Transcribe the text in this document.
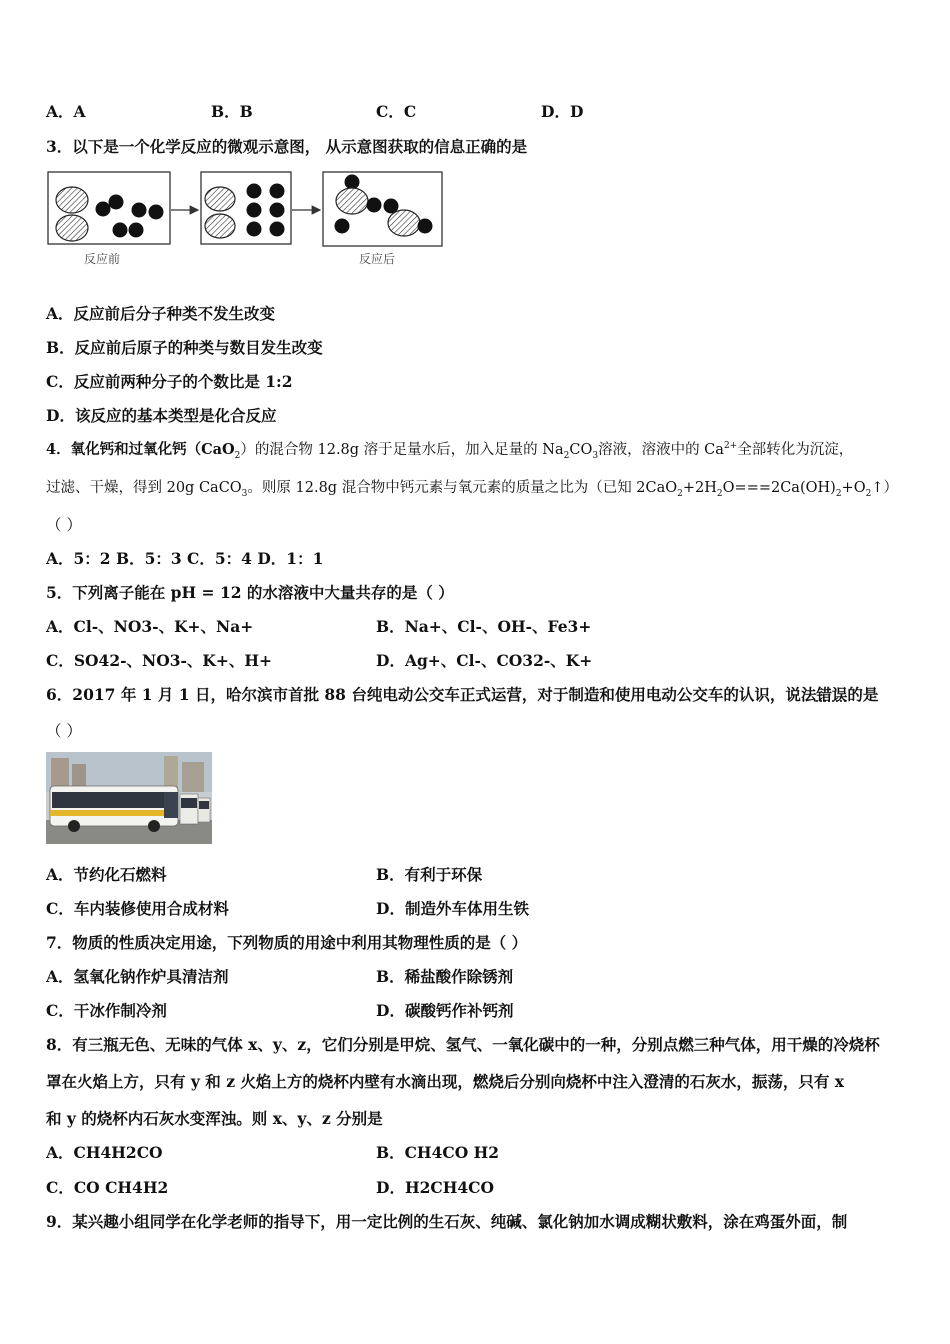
A．A	B．B	C．C	D．D
3．以下是一个化学反应的微观示意图， 从示意图获取的信息正确的是
反应前	反应后
A．反应前后分子种类不发生改变
B．反应前后原子的种类与数目发生改变
C．反应前两种分子的个数比是 1:2
D．该反应的基本类型是化合反应
4．氧化钙和过氧化钙（CaO$_2$）的混合物 12.8g 溶于足量水后，加入足量的 $Na_2CO_3$溶液，溶液中的 $Ca^{2+}$全部转化为沉淀，
过滤、干燥，得到 20g CaCO$_3$。则原 12.8g 混合物中钙元素与氧元素的质量之比为（已知 $2CaO_2+2H_2O===2Ca(OH)_2+O_2↑$）
（ ）
A．5：2 B．5：3 C．5：4 D．1：1
5．下列离子能在 pH = 12 的水溶液中大量共存的是（ ）
A．Cl-、NO3-、K+、Na+	B．Na+、Cl-、OH-、Fe3+
C．SO42-、NO3-、K+、H+	D．Ag+、Cl-、CO32-、K+
6．2017 年 1 月 1 日，哈尔滨市首批 88 台纯电动公交车正式运营，对于制造和使用电动公交车的认识，说法错误的是
（ ）
A．节约化石燃料	B．有利于环保
C．车内装修使用合成材料	D．制造外车体用生铁
7．物质的性质决定用途，下列物质的用途中利用其物理性质的是（ ）
A．氢氧化钠作炉具清洁剂	B．稀盐酸作除锈剂
C．干冰作制冷剂	D．碳酸钙作补钙剂
8．有三瓶无色、无味的气体 x、y、z，它们分别是甲烷、氢气、一氧化碳中的一种，分别点燃三种气体，用干燥的冷烧杯
罩在火焰上方，只有 y 和 z 火焰上方的烧杯内壁有水滴出现，燃烧后分别向烧杯中注入澄清的石灰水，振荡，只有 x
和 y 的烧杯内石灰水变浑浊。则 x、y、z 分别是
A．CH4H2CO	B．CH4CO H2
C．CO CH4H2	D．H2CH4CO
9．某兴趣小组同学在化学老师的指导下，用一定比例的生石灰、纯碱、氯化钠加水调成糊状敷料，涂在鸡蛋外面，制
